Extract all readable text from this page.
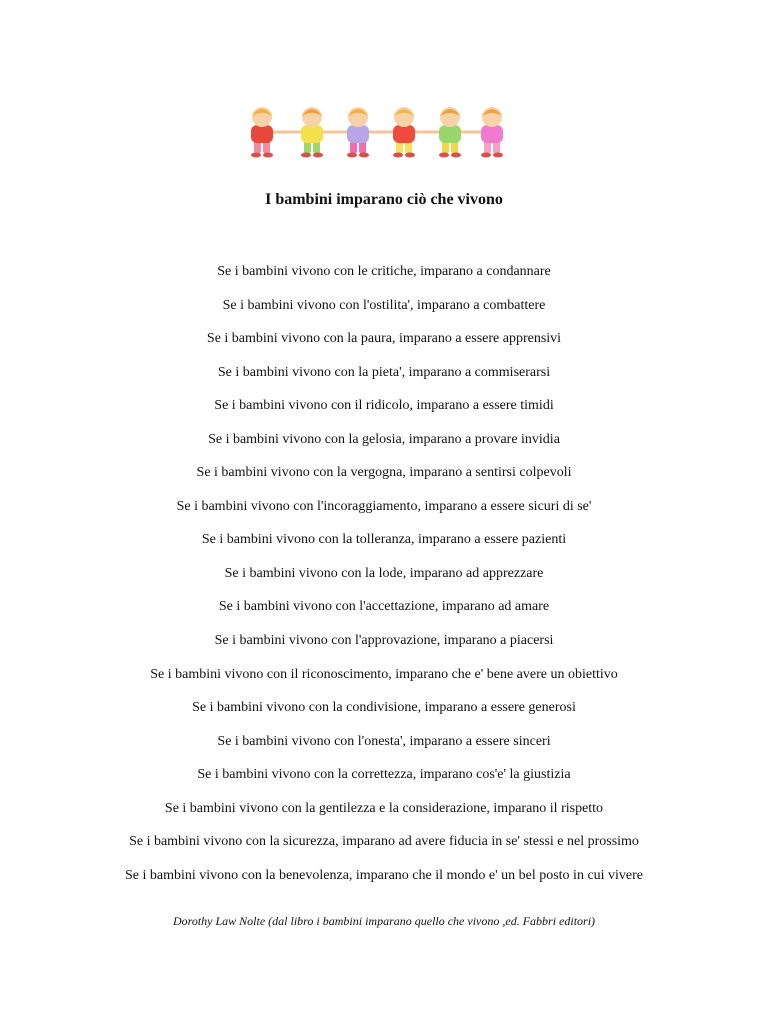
I bambini imparano ciò che vivono
Se i bambini vivono con le critiche, imparano a condannare
Se i bambini vivono con l'ostilita', imparano a combattere
Se i bambini vivono con la paura, imparano a essere apprensivi
Se i bambini vivono con la pieta', imparano a commiserarsi
Se i bambini vivono con il ridicolo, imparano a essere timidi
Se i bambini vivono con la gelosia, imparano a provare invidia
Se i bambini vivono con la vergogna, imparano a sentirsi colpevoli
Se i bambini vivono con l'incoraggiamento, imparano a essere sicuri di se'
Se i bambini vivono con la tolleranza, imparano a essere pazienti
Se i bambini vivono con la lode, imparano ad apprezzare
Se i bambini vivono con l'accettazione, imparano ad amare
Se i bambini vivono con l'approvazione, imparano a piacersi
Se i bambini vivono con il riconoscimento, imparano che e' bene avere un obiettivo
Se i bambini vivono con la condivisione, imparano a essere generosi
Se i bambini vivono con l'onesta', imparano a essere sinceri
Se i bambini vivono con la correttezza, imparano cos'e' la giustizia
Se i bambini vivono con la gentilezza e la considerazione, imparano il rispetto
Se i bambini vivono con la sicurezza, imparano ad avere fiducia in se' stessi e nel prossimo
Se i bambini vivono con la benevolenza, imparano che il mondo e' un bel posto in cui vivere
Dorothy Law Nolte (dal libro i bambini imparano quello che vivono ,ed. Fabbri editori)
